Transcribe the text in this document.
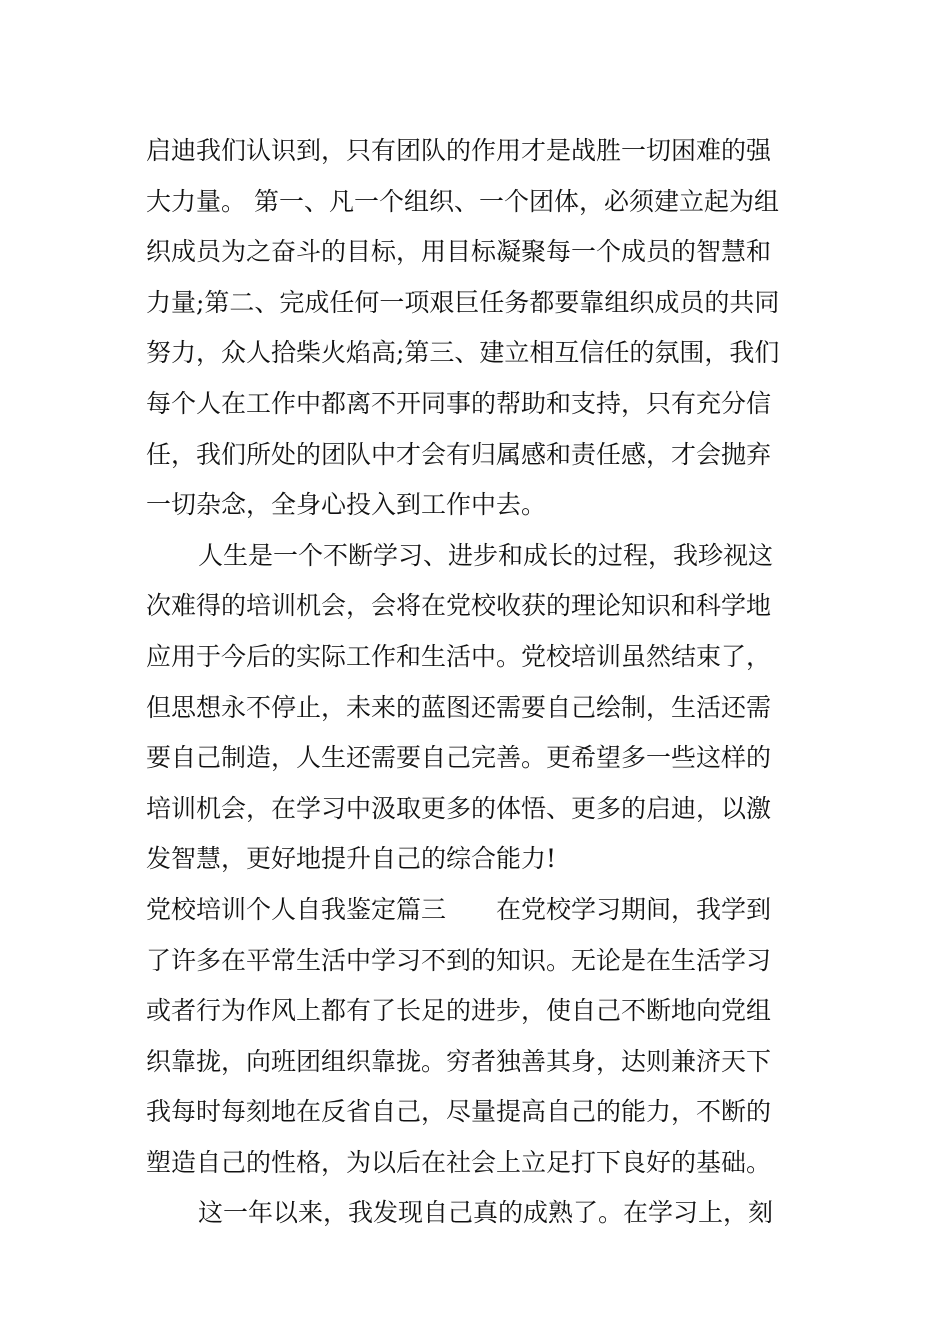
启迪我们认识到，只有团队的作用才是战胜一切困难的强
大力量。 第一、凡一个组织、一个团体，必须建立起为组
织成员为之奋斗的目标，用目标凝聚每一个成员的智慧和
力量;第二、完成任何一项艰巨任务都要靠组织成员的共同
努力，众人拾柴火焰高;第三、建立相互信任的氛围，我们
每个人在工作中都离不开同事的帮助和支持，只有充分信
任，我们所处的团队中才会有归属感和责任感，才会抛弃
一切杂念，全身心投入到工作中去。
人生是一个不断学习、进步和成长的过程，我珍视这
次难得的培训机会，会将在党校收获的理论知识和科学地
应用于今后的实际工作和生活中。党校培训虽然结束了，
但思想永不停止，未来的蓝图还需要自己绘制，生活还需
要自己制造，人生还需要自己完善。更希望多一些这样的
培训机会，在学习中汲取更多的体悟、更多的启迪，以激
发智慧，更好地提升自己的综合能力!
党校培训个人自我鉴定篇三　　在党校学习期间，我学到
了许多在平常生活中学习不到的知识。无论是在生活学习
或者行为作风上都有了长足的进步，使自己不断地向党组
织靠拢，向班团组织靠拢。穷者独善其身，达则兼济天下
我每时每刻地在反省自己，尽量提高自己的能力，不断的
塑造自己的性格，为以后在社会上立足打下良好的基础。
这一年以来，我发现自己真的成熟了。在学习上，刻
